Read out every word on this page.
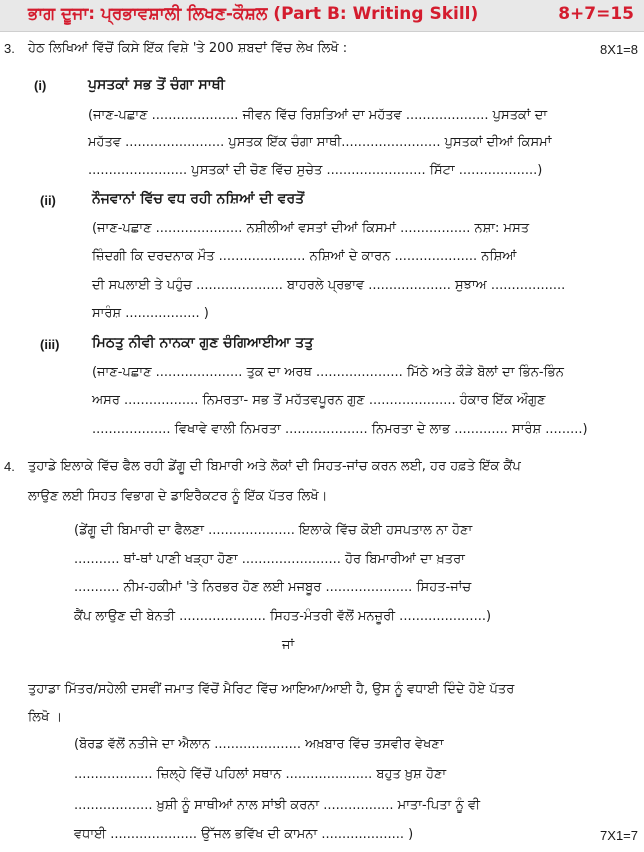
ਭਾਗ ਦੂਜਾ: ਪ੍ਰਭਾਵਸ਼ਾਲੀ ਲਿਖਣ-ਕੌਸ਼ਲ (Part B: Writing Skill)	8+7=15
3. ਹੇਠ ਲਿਖਿਆਂ ਵਿੱਚੋਂ ਕਿਸੇ ਇੱਕ ਵਿਸ਼ੇ 'ਤੇ 200 ਸ਼ਬਦਾਂ ਵਿੱਚ ਲੇਖ ਲਿਖੋ :	8X1=8
(i)	ਪੁਸਤਕਾਂ ਸਭ ਤੋਂ ਚੰਗਾ ਸਾਥੀ
(ਜਾਣ-ਪਛਾਣ ..................... ਜੀਵਨ ਵਿੱਚ ਰਿਸ਼ਤਿਆਂ ਦਾ ਮਹੱਤਵ .................... ਪੁਸਤਕਾਂ ਦਾ
ਮਹੱਤਵ ........................ ਪੁਸਤਕ ਇੱਕ ਚੰਗਾ ਸਾਥੀ........................ ਪੁਸਤਕਾਂ ਦੀਆਂ ਕਿਸਮਾਂ
........................ ਪੁਸਤਕਾਂ ਦੀ ਚੋਣ ਵਿੱਚ ਸੁਚੇਤ ........................ ਸਿੱਟਾ ...................)
(ii)	ਨੌਜਵਾਨਾਂ ਵਿੱਚ ਵਧ ਰਹੀ ਨਸ਼ਿਆਂ ਦੀ ਵਰਤੋਂ
(ਜਾਣ-ਪਛਾਣ ..................... ਨਸ਼ੀਲੀਆਂ ਵਸਤਾਂ ਦੀਆਂ ਕਿਸਮਾਂ ................. ਨਸ਼ਾ: ਮਸਤ
ਜ਼ਿੰਦਗੀ ਕਿ ਦਰਦਨਾਕ ਮੌਤ ..................... ਨਸ਼ਿਆਂ ਦੇ ਕਾਰਨ .................... ਨਸ਼ਿਆਂ
ਦੀ ਸਪਲਾਈ ਤੇ ਪਹੁੰਚ ..................... ਬਾਹਰਲੇ ਪ੍ਰਭਾਵ .................... ਸੁਝਾਅ ..................
ਸਾਰੰਸ਼ .................. )
(iii) ਮਿਠਤੁ ਨੀਵੀ ਨਾਨਕਾ ਗੁਣ ਚੰਗਿਆਈਆ ਤਤੁ
(ਜਾਣ-ਪਛਾਣ ..................... ਤੁਕ ਦਾ ਅਰਥ ..................... ਮਿੱਠੇ ਅਤੇ ਕੌੜੇ ਬੋਲਾਂ ਦਾ ਭਿੰਨ-ਭਿੰਨ
ਅਸਰ .................. ਨਿਮਰਤਾ- ਸਭ ਤੋਂ ਮਹੱਤਵਪੂਰਨ ਗੁਣ ..................... ਹੰਕਾਰ ਇੱਕ ਔਗੁਣ
................... ਵਿਖਾਵੇ ਵਾਲੀ ਨਿਮਰਤਾ .................... ਨਿਮਰਤਾ ਦੇ ਲਾਭ ............. ਸਾਰੰਸ਼ .........)
4. ਤੁਹਾਡੇ ਇਲਾਕੇ ਵਿੱਚ ਫੈਲ ਰਹੀ ਡੇਂਗੂ ਦੀ ਬਿਮਾਰੀ ਅਤੇ ਲੋਕਾਂ ਦੀ ਸਿਹਤ-ਜਾਂਚ ਕਰਨ ਲਈ, ਹਰ ਹਫ਼ਤੇ ਇੱਕ ਕੈਂਪ
ਲਾਉਣ ਲਈ ਸਿਹਤ ਵਿਭਾਗ ਦੇ ਡਾਇਰੈਕਟਰ ਨੂੰ ਇੱਕ ਪੱਤਰ ਲਿਖੋ।
(ਡੇਂਗੂ ਦੀ ਬਿਮਾਰੀ ਦਾ ਫੈਲਣਾ ..................... ਇਲਾਕੇ ਵਿੱਚ ਕੋਈ ਹਸਪਤਾਲ ਨਾ ਹੋਣਾ
........... ਥਾਂ-ਥਾਂ ਪਾਣੀ ਖੜ੍ਹਾ ਹੋਣਾ ........................ ਹੋਰ ਬਿਮਾਰੀਆਂ ਦਾ ਖ਼ਤਰਾ
........... ਨੀਮ-ਹਕੀਮਾਂ 'ਤੇ ਨਿਰਭਰ ਹੋਣ ਲਈ ਮਜਬੂਰ ..................... ਸਿਹਤ-ਜਾਂਚ
ਕੈਂਪ ਲਾਉਣ ਦੀ ਬੇਨਤੀ ..................... ਸਿਹਤ-ਮੰਤਰੀ ਵੱਲੋਂ ਮਨਜ਼ੂਰੀ .....................)
ਜਾਂ
ਤੁਹਾਡਾ ਮਿੱਤਰ/ਸਹੇਲੀ ਦਸਵੀਂ ਜਮਾਤ ਵਿੱਚੋਂ ਮੈਰਿਟ ਵਿੱਚ ਆਇਆ/ਆਈ ਹੈ, ਉਸ ਨੂੰ ਵਧਾਈ ਦਿੰਦੇ ਹੋਏ ਪੱਤਰ
ਲਿਖੋ ।
(ਬੋਰਡ ਵੱਲੋਂ ਨਤੀਜੇ ਦਾ ਐਲਾਨ ..................... ਅਖ਼ਬਾਰ ਵਿੱਚ ਤਸਵੀਰ ਵੇਖਣਾ
................... ਜ਼ਿਲ੍ਹੇ ਵਿੱਚੋਂ ਪਹਿਲਾਂ ਸਥਾਨ ..................... ਬਹੁਤ ਖ਼ੁਸ਼ ਹੋਣਾ
................... ਖ਼ੁਸ਼ੀ ਨੂੰ ਸਾਥੀਆਂ ਨਾਲ ਸਾਂਝੀ ਕਰਨਾ ................. ਮਾਤਾ-ਪਿਤਾ ਨੂੰ ਵੀ
ਵਧਾਈ ..................... ਉੱਜਲ ਭਵਿੱਖ ਦੀ ਕਾਮਨਾ .................... )	7X1=7
